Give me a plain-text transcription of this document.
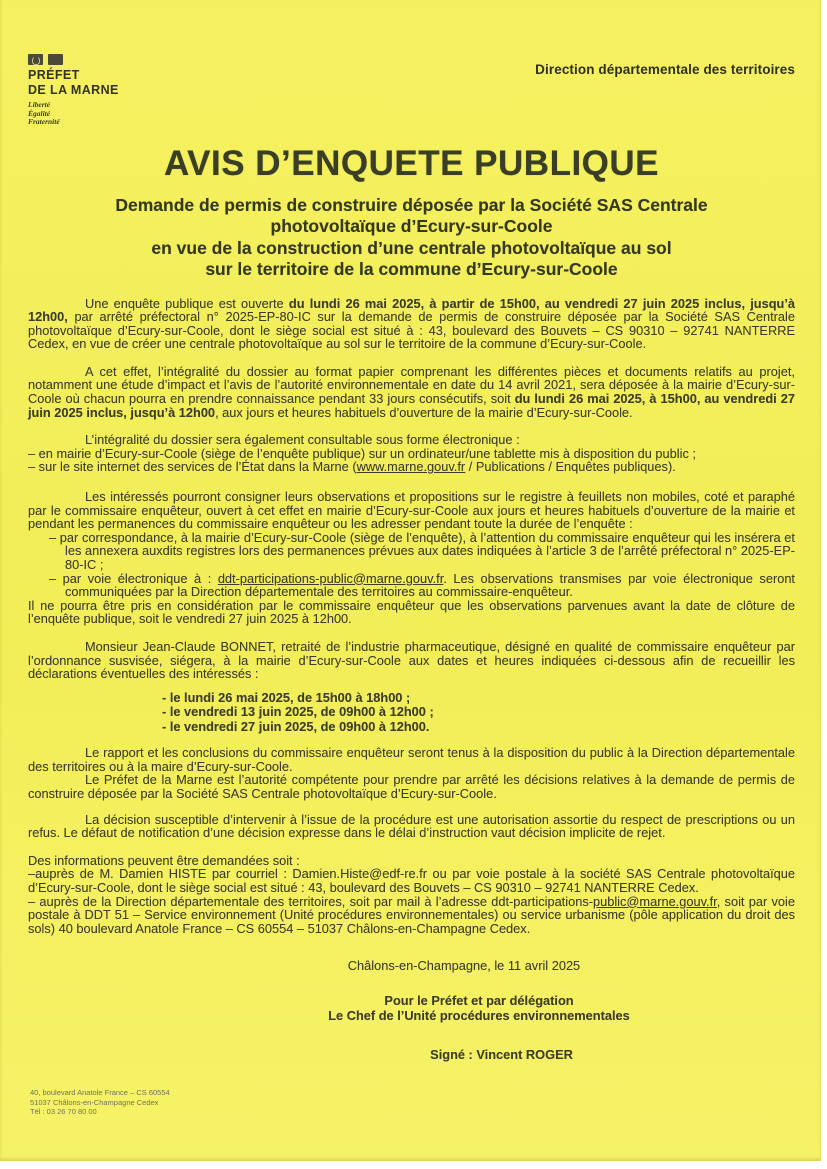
PRÉFET
DE LA MARNE
Liberté
Égalité
Fraternité
Direction départementale des territoires
AVIS D’ENQUETE PUBLIQUE
Demande de permis de construire déposée par la Société SAS Centrale
photovoltaïque d’Ecury-sur-Coole
en vue de la construction d’une centrale photovoltaïque au sol
sur le territoire de la commune d’Ecury-sur-Coole
Une enquête publique est ouverte du lundi 26 mai 2025, à partir de 15h00, au vendredi 27 juin 2025 inclus, jusqu’à 12h00, par arrêté préfectoral n° 2025-EP-80-IC sur la demande de permis de construire déposée par la Société SAS Centrale photovoltaïque d’Ecury-sur-Coole, dont le siège social est situé à : 43, boulevard des Bouvets – CS 90310 – 92741 NANTERRE Cedex, en vue de créer une centrale photovoltaïque au sol sur le territoire de la commune d’Ecury-sur-Coole.
A cet effet, l’intégralité du dossier au format papier comprenant les différentes pièces et documents relatifs au projet, notamment une étude d’impact et l’avis de l’autorité environnementale en date du 14 avril 2021, sera déposée à la mairie d’Ecury-sur-Coole où chacun pourra en prendre connaissance pendant 33 jours consécutifs, soit du lundi 26 mai 2025, à 15h00, au vendredi 27 juin 2025 inclus, jusqu’à 12h00, aux jours et heures habituels d’ouverture de la mairie d’Ecury-sur-Coole.
L’intégralité du dossier sera également consultable sous forme électronique :
– en mairie d’Ecury-sur-Coole (siège de l’enquête publique) sur un ordinateur/une tablette mis à disposition du public ;
– sur le site internet des services de l’État dans la Marne (www.marne.gouv.fr / Publications / Enquêtes publiques).
Les intéressés pourront consigner leurs observations et propositions sur le registre à feuillets non mobiles, coté et paraphé par le commissaire enquêteur, ouvert à cet effet en mairie d’Ecury-sur-Coole aux jours et heures habituels d’ouverture de la mairie et pendant les permanences du commissaire enquêteur ou les adresser pendant toute la durée de l’enquête :
– par correspondance, à la mairie d’Ecury-sur-Coole (siège de l’enquête), à l’attention du commissaire enquêteur qui les insérera et les annexera auxdits registres lors des permanences prévues aux dates indiquées à l’article 3 de l’arrêté préfectoral n° 2025-EP-80-IC ;
– par voie électronique à : ddt-participations-public@marne.gouv.fr. Les observations transmises par voie électronique seront communiquées par la Direction départementale des territoires au commissaire-enquêteur.
Il ne pourra être pris en considération par le commissaire enquêteur que les observations parvenues avant la date de clôture de l’enquête publique, soit le vendredi 27 juin 2025 à 12h00.
Monsieur Jean-Claude BONNET, retraité de l’industrie pharmaceutique, désigné en qualité de commissaire enquêteur par l’ordonnance susvisée, siégera, à la mairie d’Ecury-sur-Coole aux dates et heures indiquées ci-dessous afin de recueillir les déclarations éventuelles des intéressés :
- le lundi 26 mai 2025, de 15h00 à 18h00 ;
- le vendredi 13 juin 2025, de 09h00 à 12h00 ;
- le vendredi 27 juin 2025, de 09h00 à 12h00.
Le rapport et les conclusions du commissaire enquêteur seront tenus à la disposition du public à la Direction départementale des territoires ou à la maire d’Ecury-sur-Coole.
Le Préfet de la Marne est l’autorité compétente pour prendre par arrêté les décisions relatives à la demande de permis de construire déposée par la Société SAS Centrale photovoltaïque d’Ecury-sur-Coole.
La décision susceptible d’intervenir à l’issue de la procédure est une autorisation assortie du respect de prescriptions ou un refus. Le défaut de notification d’une décision expresse dans le délai d’instruction vaut décision implicite de rejet.
Des informations peuvent être demandées soit :
–auprès de M. Damien HISTE par courriel : Damien.Histe@edf-re.fr ou par voie postale à la société SAS Centrale photovoltaïque d’Ecury-sur-Coole, dont le siège social est situé : 43, boulevard des Bouvets – CS 90310 – 92741 NANTERRE Cedex.
– auprès de la Direction départementale des territoires, soit par mail à l’adresse ddt-participations-public@marne.gouv.fr, soit par voie postale à DDT 51 – Service environnement (Unité procédures environnementales) ou service urbanisme (pôle application du droit des sols) 40 boulevard Anatole France – CS 60554 – 51037 Châlons-en-Champagne Cedex.
Châlons-en-Champagne, le 11 avril 2025
Pour le Préfet et par délégation
Le Chef de l’Unité procédures environnementales
Signé : Vincent ROGER
40, boulevard Anatole France – CS 60554
51037 Châlons-en-Champagne Cedex
Tél : 03 26 70 80 00
